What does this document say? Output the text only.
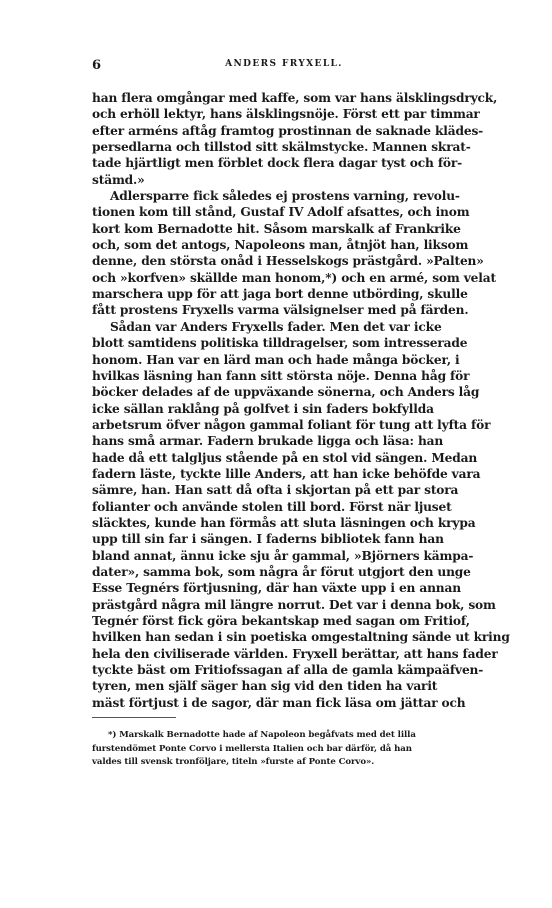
6	ANDERS FRYXELL.
han flera omgångar med kaffe, som var hans älsklingsdryck,
och erhöll lektyr, hans älsklingsnöje. Först ett par timmar
efter arméns aftåg framtog prostinnan de saknade klädes-
persedlarna och tillstod sitt skälmstycke. Mannen skrat-
tade hjärtligt men förblet dock flera dagar tyst och för-
stämd.»
Adlersparre fick således ej prostens varning, revolu-
tionen kom till stånd, Gustaf IV Adolf afsattes, och inom
kort kom Bernadotte hit. Såsom marskalk af Frankrike
och, som det antogs, Napoleons man, åtnjöt han, liksom
denne, den största onåd i Hesselskogs prästgård. »Palten»
och »korfven» skällde man honom,*) och en armé, som velat
marschera upp för att jaga bort denne utbörding, skulle
fått prostens Fryxells varma välsignelser med på färden.
Sådan var Anders Fryxells fader. Men det var icke
blott samtidens politiska tilldragelser, som intresserade
honom. Han var en lärd man och hade många böcker, i
hvilkas läsning han fann sitt största nöje. Denna håg för
böcker delades af de uppväxande sönerna, och Anders låg
icke sällan raklång på golfvet i sin faders bokfyllda
arbetsrum öfver någon gammal foliant för tung att lyfta för
hans små armar. Fadern brukade ligga och läsa: han
hade då ett talgljus stående på en stol vid sängen. Medan
fadern läste, tyckte lille Anders, att han icke behöfde vara
sämre, han. Han satt då ofta i skjortan på ett par stora
folianter och använde stolen till bord. Först när ljuset
släcktes, kunde han förmås att sluta läsningen och krypa
upp till sin far i sängen. I faderns bibliotek fann han
bland annat, ännu icke sju år gammal, »Björners kämpa-
dater», samma bok, som några år förut utgjort den unge
Esse Tegnérs förtjusning, där han växte upp i en annan
prästgård några mil längre norrut. Det var i denna bok, som
Tegnér först fick göra bekantskap med sagan om Fritiof,
hvilken han sedan i sin poetiska omgestaltning sände ut kring
hela den civiliserade världen. Fryxell berättar, att hans fader
tyckte bäst om Fritiofssagan af alla de gamla kämpaäfven-
tyren, men själf säger han sig vid den tiden ha varit
mäst förtjust i de sagor, där man fick läsa om jättar och
*) Marskalk Bernadotte hade af Napoleon begåfvats med det lilla
furstendömet Ponte Corvo i mellersta Italien och bar därför, då han
valdes till svensk tronföljare, titeln »furste af Ponte Corvo».
